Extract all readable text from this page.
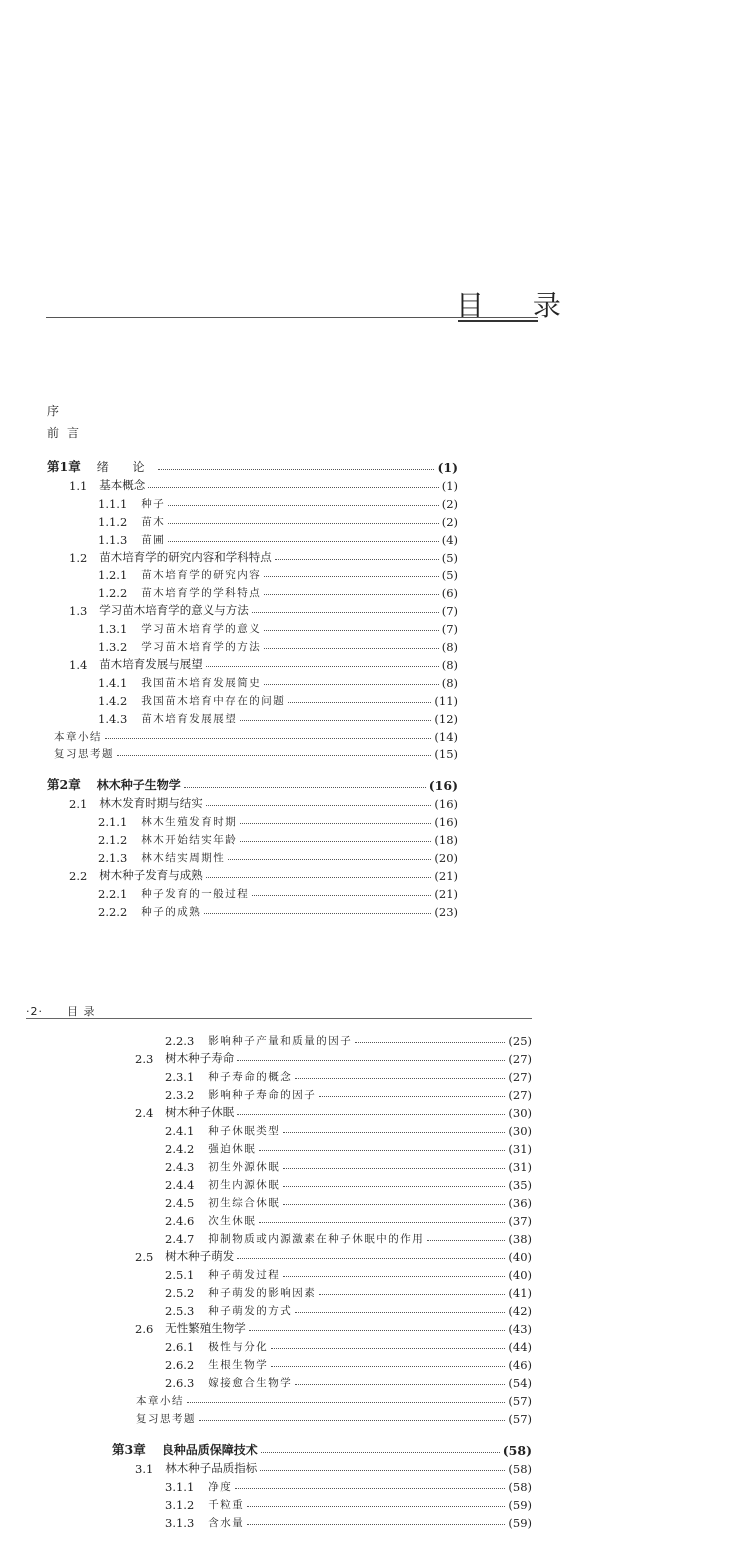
目 录
序
前言
第1章 绪 论	(1)
1.1 基本概念	(1)
1.1.1 种子	(2)
1.1.2 苗木	(2)
1.1.3 苗圃	(4)
1.2 苗木培育学的研究内容和学科特点	(5)
1.2.1 苗木培育学的研究内容	(5)
1.2.2 苗木培育学的学科特点	(6)
1.3 学习苗木培育学的意义与方法	(7)
1.3.1 学习苗木培育学的意义	(7)
1.3.2 学习苗木培育学的方法	(8)
1.4 苗木培育发展与展望	(8)
1.4.1 我国苗木培育发展简史	(8)
1.4.2 我国苗木培育中存在的问题	(11)
1.4.3 苗木培育发展展望	(12)
本章小结	(14)
复习思考题	(15)
第2章 林木种子生物学	(16)
2.1 林木发育时期与结实	(16)
2.1.1 林木生殖发育时期	(16)
2.1.2 林木开始结实年龄	(18)
2.1.3 林木结实周期性	(20)
2.2 树木种子发育与成熟	(21)
2.2.1 种子发育的一般过程	(21)
2.2.2 种子的成熟	(23)
·2· 目 录
2.2.3 影响种子产量和质量的因子	(25)
2.3 树木种子寿命	(27)
2.3.1 种子寿命的概念	(27)
2.3.2 影响种子寿命的因子	(27)
2.4 树木种子休眠	(30)
2.4.1 种子休眠类型	(30)
2.4.2 强迫休眠	(31)
2.4.3 初生外源休眠	(31)
2.4.4 初生内源休眠	(35)
2.4.5 初生综合休眠	(36)
2.4.6 次生休眠	(37)
2.4.7 抑制物质或内源激素在种子休眠中的作用	(38)
2.5 树木种子萌发	(40)
2.5.1 种子萌发过程	(40)
2.5.2 种子萌发的影响因素	(41)
2.5.3 种子萌发的方式	(42)
2.6 无性繁殖生物学	(43)
2.6.1 极性与分化	(44)
2.6.2 生根生物学	(46)
2.6.3 嫁接愈合生物学	(54)
本章小结	(57)
复习思考题	(57)
第3章 良种品质保障技术	(58)
3.1 林木种子品质指标	(58)
3.1.1 净度	(58)
3.1.2 千粒重	(59)
3.1.3 含水量	(59)
